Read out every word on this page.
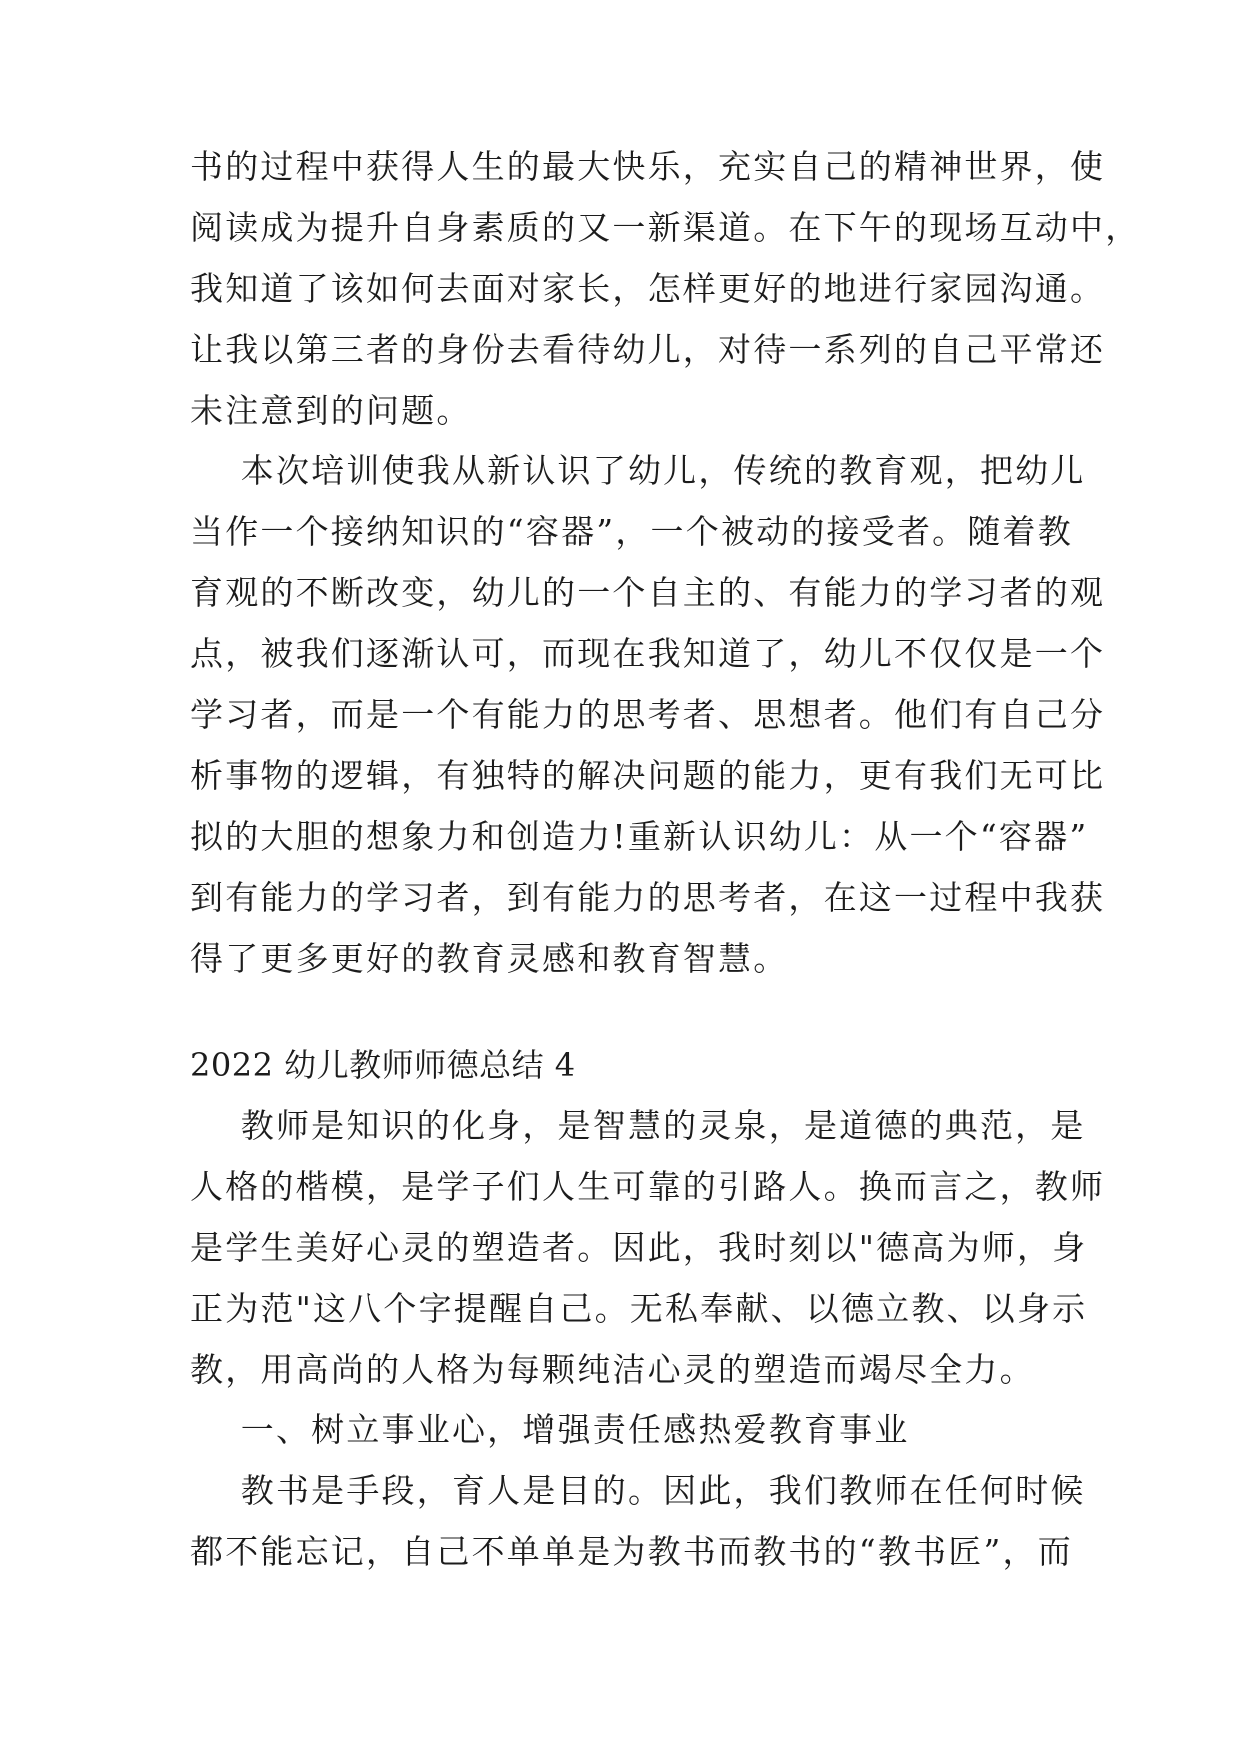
书的过程中获得人生的最大快乐，充实自己的精神世界，使
阅读成为提升自身素质的又一新渠道。在下午的现场互动中，
我知道了该如何去面对家长，怎样更好的地进行家园沟通。
让我以第三者的身份去看待幼儿，对待一系列的自己平常还
未注意到的问题。
本次培训使我从新认识了幼儿，传统的教育观，把幼儿
当作一个接纳知识的“容器”，一个被动的接受者。随着教
育观的不断改变，幼儿的一个自主的、有能力的学习者的观
点，被我们逐渐认可，而现在我知道了，幼儿不仅仅是一个
学习者，而是一个有能力的思考者、思想者。他们有自己分
析事物的逻辑，有独特的解决问题的能力，更有我们无可比
拟的大胆的想象力和创造力!重新认识幼儿：从一个“容器”
到有能力的学习者，到有能力的思考者，在这一过程中我获
得了更多更好的教育灵感和教育智慧。
2022 幼儿教师师德总结 4
教师是知识的化身，是智慧的灵泉，是道德的典范，是
人格的楷模，是学子们人生可靠的引路人。换而言之，教师
是学生美好心灵的塑造者。因此，我时刻以"德高为师，身
正为范"这八个字提醒自己。无私奉献、以德立教、以身示
教，用高尚的人格为每颗纯洁心灵的塑造而竭尽全力。
一、树立事业心，增强责任感热爱教育事业
教书是手段，育人是目的。因此，我们教师在任何时候
都不能忘记，自己不单单是为教书而教书的“教书匠”，而
